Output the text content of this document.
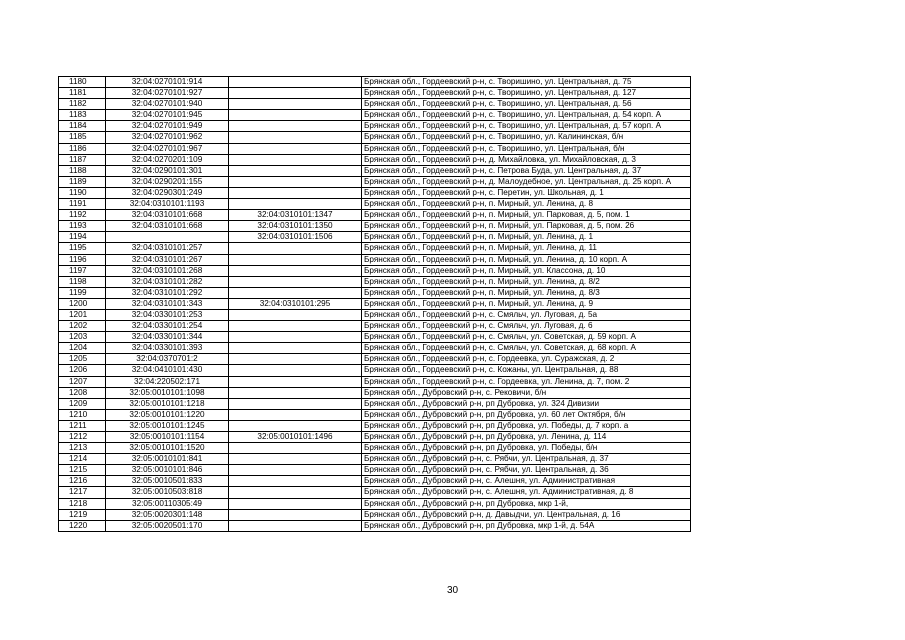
1180	32:04:0270101:914		Брянская обл., Гордеевский р-н, с. Творишино, ул. Центральная, д. 75
1181	32:04:0270101:927		Брянская обл., Гордеевский р-н, с. Творишино, ул. Центральная, д. 127
1182	32:04:0270101:940		Брянская обл., Гордеевский р-н, с. Творишино, ул. Центральная, д. 56
1183	32:04:0270101:945		Брянская обл., Гордеевский р-н, с. Творишино, ул. Центральная, д. 54 корп. А
1184	32:04:0270101:949		Брянская обл., Гордеевский р-н, с. Творишино, ул. Центральная, д. 57 корп. А
1185	32:04:0270101:962		Брянская обл., Гордеевский р-н, с. Творишино, ул. Калининская, б/н
1186	32:04:0270101:967		Брянская обл., Гордеевский р-н, с. Творишино, ул. Центральная, б/н
1187	32:04:0270201:109		Брянская обл., Гордеевский р-н, д. Михайловка, ул. Михайловская, д. 3
1188	32:04:0290101:301		Брянская обл., Гордеевский р-н, с. Петрова Буда, ул. Центральная, д. 37
1189	32:04:0290201:155		Брянская обл., Гордеевский р-н, д. Малоудебное, ул. Центральная, д. 25 корп. А
1190	32:04:0290301:249		Брянская обл., Гордеевский р-н, с. Перетин, ул. Школьная, д. 1
1191	32:04:0310101:1193		Брянская обл., Гордеевский р-н, п. Мирный, ул. Ленина, д. 8
1192	32:04:0310101:668	32:04:0310101:1347	Брянская обл., Гордеевский р-н, п. Мирный, ул. Парковая, д. 5, пом. 1
1193	32:04:0310101:668	32:04:0310101:1350	Брянская обл., Гордеевский р-н, п. Мирный, ул. Парковая, д. 5, пом. 26
1194		32:04:0310101:1506	Брянская обл., Гордеевский р-н, п. Мирный, ул. Ленина, д. 1
1195	32:04:0310101:257		Брянская обл., Гордеевский р-н, п. Мирный, ул. Ленина, д. 11
1196	32:04:0310101:267		Брянская обл., Гордеевский р-н, п. Мирный, ул. Ленина, д. 10 корп. А
1197	32:04:0310101:268		Брянская обл., Гордеевский р-н, п. Мирный, ул. Классона, д. 10
1198	32:04:0310101:282		Брянская обл., Гордеевский р-н, п. Мирный, ул. Ленина, д. 8/2
1199	32:04:0310101:292		Брянская обл., Гордеевский р-н, п. Мирный, ул. Ленина, д. 8/3
1200	32:04:0310101:343	32:04:0310101:295	Брянская обл., Гордеевский р-н, п. Мирный, ул. Ленина, д. 9
1201	32:04:0330101:253		Брянская обл., Гордеевский р-н, с. Смяльч, ул. Луговая, д. 5а
1202	32:04:0330101:254		Брянская обл., Гордеевский р-н, с. Смяльч, ул. Луговая, д. 6
1203	32:04:0330101:344		Брянская обл., Гордеевский р-н, с. Смяльч, ул. Советская, д. 59 корп. А
1204	32:04:0330101:393		Брянская обл., Гордеевский р-н, с. Смяльч, ул. Советская, д. 68 корп. А
1205	32:04:0370701:2		Брянская обл., Гордеевский р-н, с. Гордеевка, ул. Суражская, д. 2
1206	32:04:0410101:430		Брянская обл., Гордеевский р-н, с. Кожаны, ул. Центральная, д. 88
1207	32:04:220502:171		Брянская обл., Гордеевский р-н, с. Гордеевка, ул. Ленина, д. 7, пом. 2
1208	32:05:0010101:1098		Брянская обл., Дубровский р-н, с. Рековичи, б/н
1209	32:05:0010101:1218		Брянская обл., Дубровский р-н, рп Дубровка, ул. 324 Дивизии
1210	32:05:0010101:1220		Брянская обл., Дубровский р-н, рп Дубровка, ул. 60 лет Октября, б/н
1211	32:05:0010101:1245		Брянская обл., Дубровский р-н, рп Дубровка, ул. Победы, д. 7 корп. а
1212	32:05:0010101:1154	32:05:0010101:1496	Брянская обл., Дубровский р-н, рп Дубровка, ул. Ленина, д. 114
1213	32:05:0010101:1520		Брянская обл., Дубровский р-н, рп Дубровка, ул. Победы, б/н
1214	32:05:0010101:841		Брянская обл., Дубровский р-н, с. Рябчи, ул. Центральная, д. 37
1215	32:05:0010101:846		Брянская обл., Дубровский р-н, с. Рябчи, ул. Центральная, д. 36
1216	32:05:0010501:833		Брянская обл., Дубровский р-н, с. Алешня, ул. Административная
1217	32:05:0010503:818		Брянская обл., Дубровский р-н, с. Алешня, ул. Административная, д. 8
1218	32:05:00110305:49		Брянская обл., Дубровский р-н, рп Дубровка, мкр 1-й,
1219	32:05:0020301:148		Брянская обл., Дубровский р-н, д. Давыдчи, ул. Центральная, д. 16
1220	32:05:0020501:170		Брянская обл., Дубровский р-н, рп Дубровка, мкр 1-й, д. 54А
30
